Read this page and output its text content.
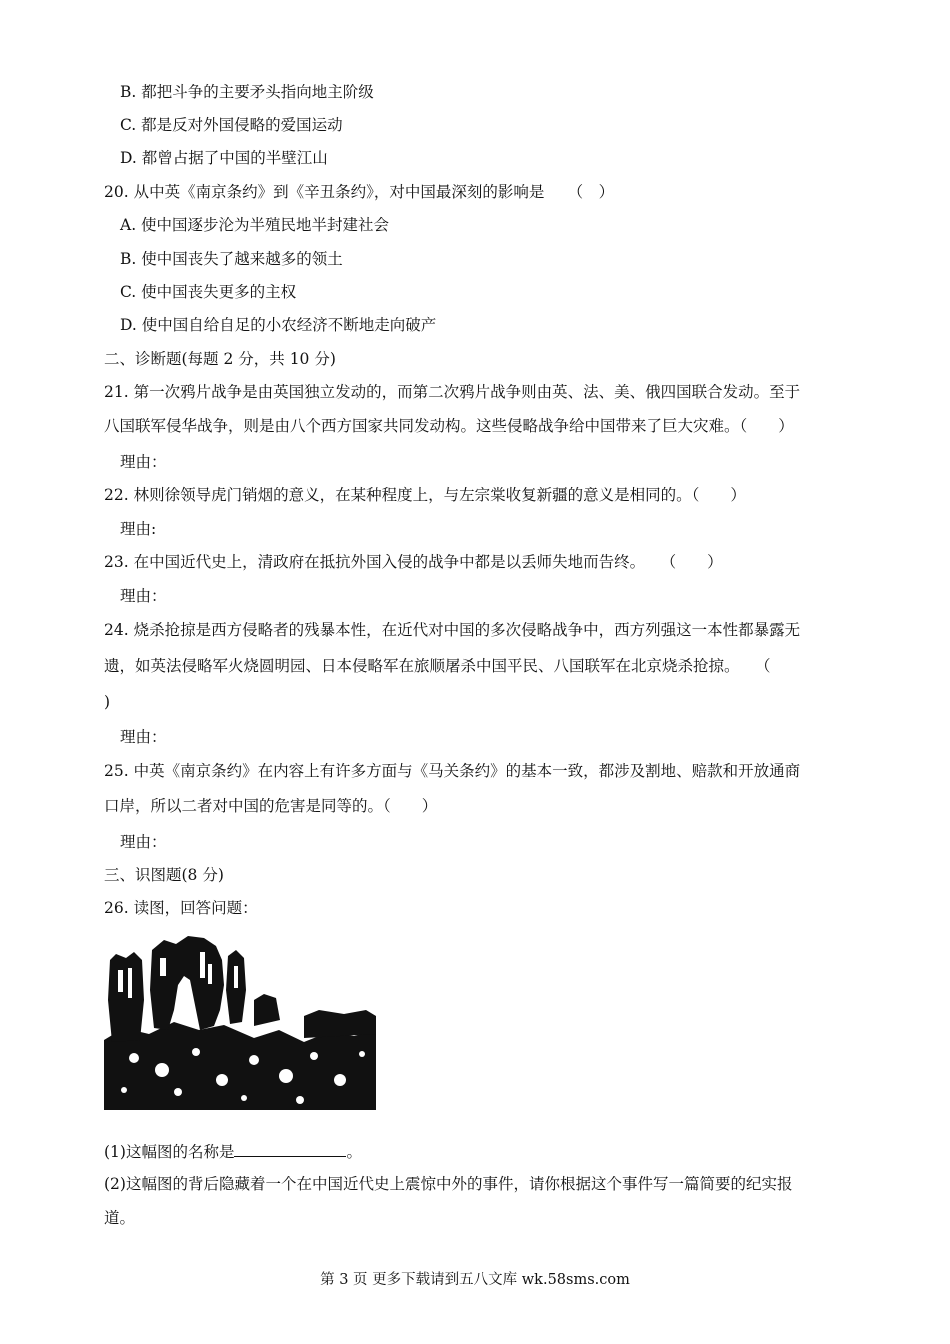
B. 都把斗争的主要矛头指向地主阶级
C. 都是反对外国侵略的爱国运动
D. 都曾占据了中国的半壁江山
20. 从中英《南京条约》到《辛丑条约》，对中国最深刻的影响是　　（　）
A. 使中国逐步沦为半殖民地半封建社会
B. 使中国丧失了越来越多的领土
C. 使中国丧失更多的主权
D. 使中国自给自足的小农经济不断地走向破产
二、诊断题(每题 2 分，共 10 分)
21. 第一次鸦片战争是由英国独立发动的，而第二次鸦片战争则由英、法、美、俄四国联合发动。至于
八国联军侵华战争，则是由八个西方国家共同发动构。这些侵略战争给中国带来了巨大灾难。（　　）
理由：
22. 林则徐领导虎门销烟的意义，在某种程度上，与左宗棠收复新疆的意义是相同的。（　　）
理由:
23. 在中国近代史上，清政府在抵抗外国入侵的战争中都是以丢师失地而告终。　　（　　）
理由：
24. 烧杀抢掠是西方侵略者的残暴本性，在近代对中国的多次侵略战争中，西方列强这一本性都暴露无
遗，如英法侵略军火烧圆明园、日本侵略军在旅顺屠杀中国平民、八国联军在北京烧杀抢掠。　　（
)
理由：
25. 中英《南京条约》在内容上有许多方面与《马关条约》的基本一致，都涉及割地、赔款和开放通商
口岸，所以二者对中国的危害是同等的。（　　）
理由：
三、识图题(8 分)
26. 读图，回答问题：
(1)这幅图的名称是	。
(2)这幅图的背后隐藏着一个在中国近代史上震惊中外的事件，请你根据这个事件写一篇简要的纪实报
道。
第 3 页 更多下载请到五八文库 wk.58sms.com
